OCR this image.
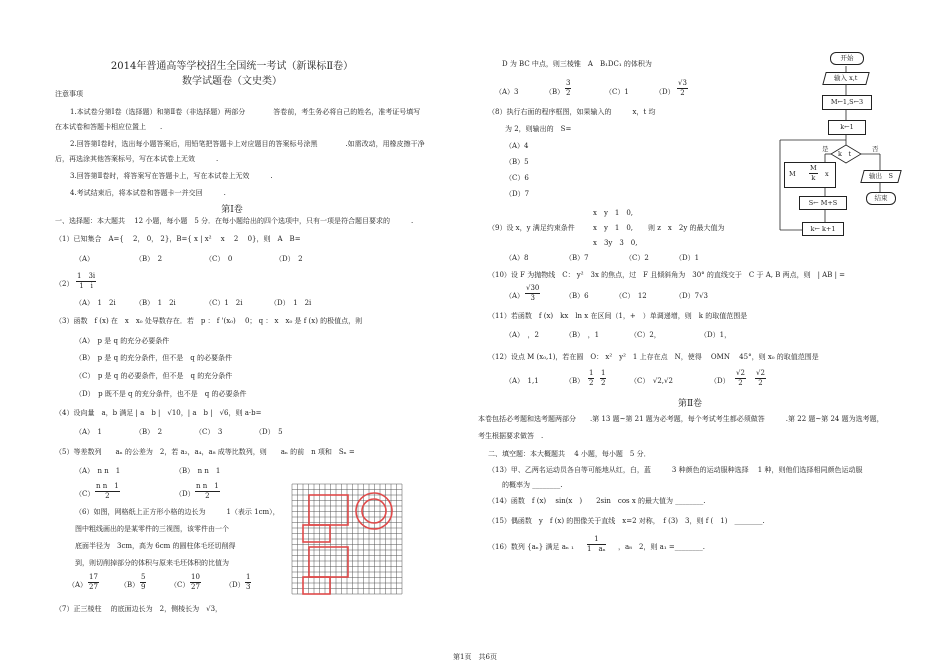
2014年普通高等学校招生全国统一考试（新课标Ⅱ卷）
数学试题卷（文史类）
注意事项
1.本试卷分第Ⅰ卷（选择题）和第Ⅱ卷（非选择题）两部分　　　　答卷前，考生务必将自己的姓名，准考证号填写
在本试卷和答题卡相应位置上　　.
2.回答第Ⅰ卷时，选出每小题答案后，用铅笔把答题卡上对应题目的答案标号涂黑　　　　.如需改动，用橡皮擦干净
后，再选涂其他答案标号，写在本试卷上无效　　　.
3.回答第Ⅱ卷时，将答案写在答题卡上，写在本试卷上无效　　　.
4.考试结束后，将本试卷和答题卡一并交回　　　.
第Ⅰ卷
一、选择题：本大题共　 12 小题，每小题　5 分．在每小题给出的四个选项中，只有一项是符合题目要求的　　　.
（1）已知集合　A={　 2， 0， 2}，B={ x | x²　 x　 2　 0}，则　A　B=
（A）	（B）　2	（C）　0	（D）　2
$(2) \frac{1 3i}{1 i}$
（A）　1　2i	（B）　1　2i	（C）1　2i	（D）　1　2i
（3）函数　f (x) 在　x　x₀ 处导数存在．若　p ： f '(x₀)　 0； q ： x　x₀ 是 f (x) 的极值点，则
（A）　p 是 q 的充分必要条件
（B）　p 是 q 的充分条件，但不是　q 的必要条件
（C）　p 是 q 的必要条件，但不是　q 的充分条件
（D）　p 既不是 q 的充分条件，也不是　q 的必要条件
（4）设向量　a，b 满足 | a　b |　√10，| a　b |　√6，则 a·b=
（A）　1	（B）　2	（C）　3	（D）　5
（5）等差数列　　aₙ 的公差为　2，若 a₂，a₄，a₈ 成等比数列，则　　aₙ 的前　n 项和　Sₙ =
（A）　n n　1	（B）　n n　1
$(C) \frac{\text{n n　1}}{2}$	$(D) \frac{\text{n n　1}}{2}$
（6）如图，网格纸上正方形小格的边长为　　　1（表示 1cm），
图中粗线画出的是某零件的三视图，该零件由一个
底面半径为　3cm，高为 6cm 的圆柱体毛坯切削得
到，则切削掉部分的体积与原来毛坯体积的比值为
$(A) \frac{17}{27}$	$(B) \frac{5}{9}$	$(C) \frac{10}{27}$	$(D) \frac{1}{3}$
（7）正三棱柱　 的底面边长为　2，侧棱长为　√3，
D 为 BC 中点，则三棱锥　A　B₁DC₁ 的体积为
（A）3	$(B) \frac{3}{2}$	（C）1	$(D) \frac{√3}{2}$
（8）执行右面的程序框图，如果输入的　　　x，t 均
为 2，则输出的　S=
（A）4
（B）5
（C）6
（D）7
开始
输入 x,t
M←1,S←3
k←1
k　t
是	否
M $\frac{M}{k}$ x
S← M+S
k← k+1
输出　S
结束
x　y　1　0,
（9）设 x，y 满足约束条件	x　y　1　0, 则 z　x　2y 的最大值为
x　3y　3　0,
（A）8	（B）7	（C）2	（D）1
（10）设 F 为抛物线　C： y²　3x 的焦点，过　F 且倾斜角为　30° 的直线交于　C 于 A, B 两点，则　| AB | =
$(A) \frac{√30}{3}$	（B）6	（C）　12	（D）7√3
（11）若函数　f (x)　kx　ln x 在区间（1，+　）单调递增，则　k 的取值范围是
（A）　，2	（B）　，1	（C）2，	（D）1，
（12）设点 M (x₀,1)，若在圆　O： x²　y²　1 上存在点　N，使得　 OMN　 45°，则 x₀ 的取值范围是
（A）　1,1	$(B) \frac{1}{2} \frac{1}{2}$	（C）　√2,√2	$(D) \frac{√2}{2} \frac{√2}{2}$
第Ⅱ卷
本卷包括必考题和选考题两部分　　.第 13 题~第 21 题为必考题，每个考试考生都必须做答　　　.第 22 题~第 24 题为选考题，
考生根据要求做答　.
二、填空题：本大概题共　 4 小题，每小题　5 分．
（13）甲、乙两名运动员各自等可能地从红，白，蓝　　　3 种颜色的运动服种选择　 1 种，则他们选择相同颜色运动服
的概率为 ________.
（14）函数　f (x)　 sin(x　)　　2sin　cos x 的最大值为 ________.
（15）偶函数　y　f (x) 的图像关于直线　x=2 对称，　f (3)　3，则 f (　1)　________.
（16）数列 {aₙ} 满足 aₙ $_1 \frac{1}{\text{1　aₙ}}$ ，a₈　2，则 a₁ =________.
第1页　共6页
